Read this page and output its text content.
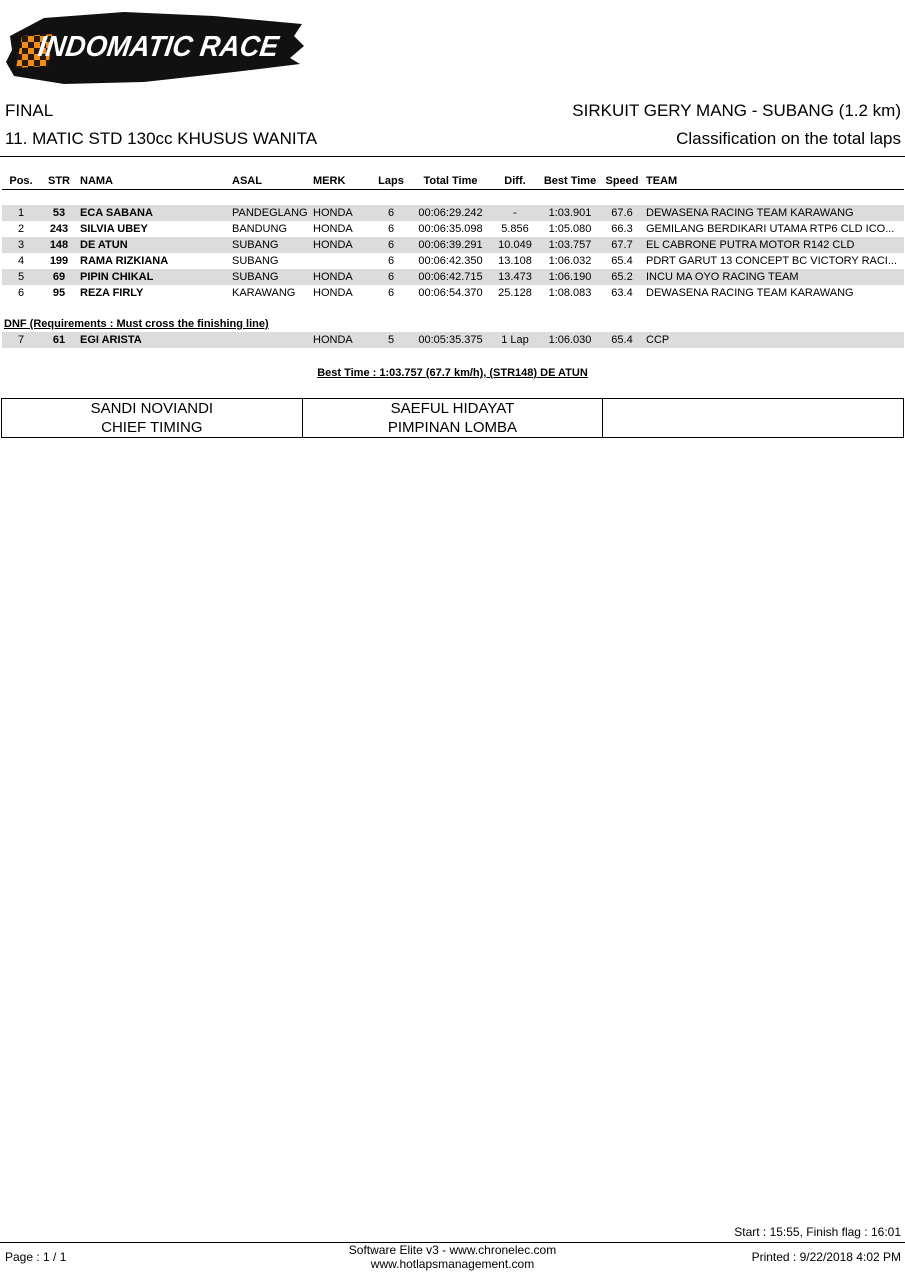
INDOMATIC RACE
FINAL	SIRKUIT GERY MANG - SUBANG (1.2 km)
11. MATIC STD 130cc KHUSUS WANITA	Classification on the total laps
Pos.	STR	NAMA	ASAL	MERK	Laps	Total Time	Diff.	Best Time	Speed	TEAM

1	53	ECA SABANA	PANDEGLANG	HONDA	6	00:06:29.242	-	1:03.901	67.6	DEWASENA RACING TEAM KARAWANG
2	243	SILVIA UBEY	BANDUNG	HONDA	6	00:06:35.098	5.856	1:05.080	66.3	GEMILANG BERDIKARI UTAMA RTP6 CLD ICO...
3	148	DE ATUN	SUBANG	HONDA	6	00:06:39.291	10.049	1:03.757	67.7	EL CABRONE PUTRA MOTOR R142 CLD
4	199	RAMA RIZKIANA	SUBANG		6	00:06:42.350	13.108	1:06.032	65.4	PDRT GARUT 13 CONCEPT BC VICTORY RACI...
5	69	PIPIN CHIKAL	SUBANG	HONDA	6	00:06:42.715	13.473	1:06.190	65.2	INCU MA OYO RACING TEAM
6	95	REZA FIRLY	KARAWANG	HONDA	6	00:06:54.370	25.128	1:08.083	63.4	DEWASENA RACING TEAM KARAWANG

DNF (Requirements : Must cross the finishing line)										
7	61	EGI ARISTA		HONDA	5	00:05:35.375	1 Lap	1:06.030	65.4	CCP
Best Time : 1:03.757 (67.7 km/h), (STR148) DE ATUN
SANDI NOVIANDI
CHIEF TIMING

SAEFUL HIDAYAT
PIMPINAN LOMBA

Start : 15:55, Finish flag : 16:01
Page : 1 / 1	Software Elite v3 - www.chronelec.com
www.hotlapsmanagement.com	Printed : 9/22/2018 4:02 PM
